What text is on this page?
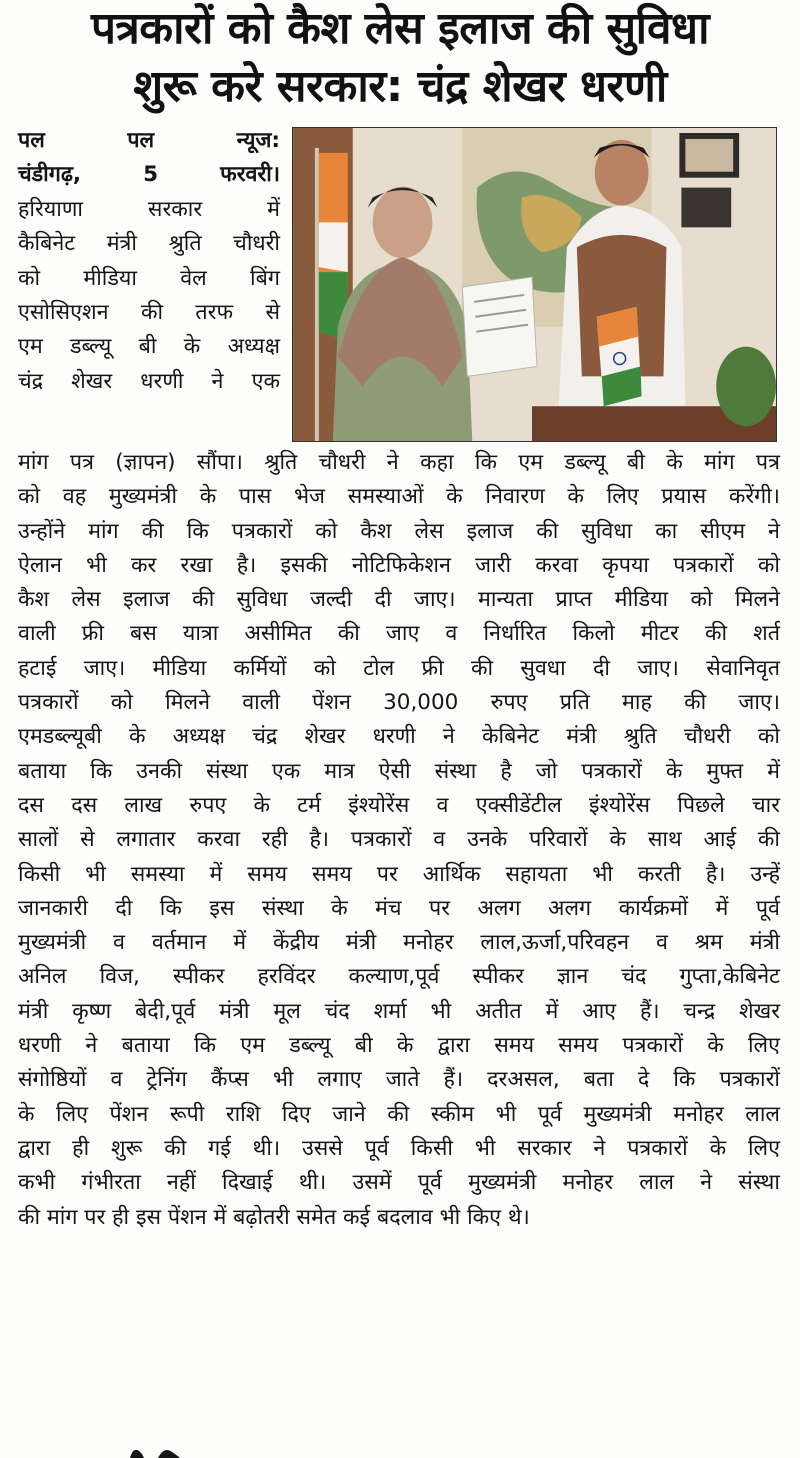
पत्रकारों को कैश लेस इलाज की सुविधा
शुरू करे सरकार: चंद्र शेखर धरणी
पल पल न्यूज:
चंडीगढ़, 5 फरवरी।
हरियाणा सरकार में
कैबिनेट मंत्री श्रुति चौधरी
को मीडिया वेल बिंग
एसोसिएशन की तरफ से
एम डब्ल्यू बी के अध्यक्ष
चंद्र शेखर धरणी ने एक
मांग पत्र (ज्ञापन) सौंपा। श्रुति चौधरी ने कहा कि एम डब्ल्यू बी के मांग पत्र
को वह मुख्यमंत्री के पास भेज समस्याओं के निवारण के लिए प्रयास करेंगी।
उन्होंने मांग की कि पत्रकारों को कैश लेस इलाज की सुविधा का सीएम ने
ऐलान भी कर रखा है। इसकी नोटिफिकेशन जारी करवा कृपया पत्रकारों को
कैश लेस इलाज की सुविधा जल्दी दी जाए। मान्यता प्राप्त मीडिया को मिलने
वाली फ्री बस यात्रा असीमित की जाए व निर्धारित किलो मीटर की शर्त
हटाई जाए। मीडिया कर्मियों को टोल फ्री की सुवधा दी जाए। सेवानिवृत
पत्रकारों को मिलने वाली पेंशन 30,000 रुपए प्रति माह की जाए।
एमडब्ल्यूबी के अध्यक्ष चंद्र शेखर धरणी ने केबिनेट मंत्री श्रुति चौधरी को
बताया कि उनकी संस्था एक मात्र ऐसी संस्था है जो पत्रकारों के मुफ्त में
दस दस लाख रुपए के टर्म इंश्योरेंस व एक्सीडेंटील इंश्योरेंस पिछले चार
सालों से लगातार करवा रही है। पत्रकारों व उनके परिवारों के साथ आई की
किसी भी समस्या में समय समय पर आर्थिक सहायता भी करती है। उन्हें
जानकारी दी कि इस संस्था के मंच पर अलग अलग कार्यक्रमों में पूर्व
मुख्यमंत्री व वर्तमान में केंद्रीय मंत्री मनोहर लाल,ऊर्जा,परिवहन व श्रम मंत्री
अनिल विज, स्पीकर हरविंदर कल्याण,पूर्व स्पीकर ज्ञान चंद गुप्ता,केबिनेट
मंत्री कृष्ण बेदी,पूर्व मंत्री मूल चंद शर्मा भी अतीत में आए हैं। चन्द्र शेखर
धरणी ने बताया कि एम डब्ल्यू बी के द्वारा समय समय पत्रकारों के लिए
संगोष्ठियों व ट्रेनिंग कैंप्स भी लगाए जाते हैं। दरअसल, बता दे कि पत्रकारों
के लिए पेंशन रूपी राशि दिए जाने की स्कीम भी पूर्व मुख्यमंत्री मनोहर लाल
द्वारा ही शुरू की गई थी। उससे पूर्व किसी भी सरकार ने पत्रकारों के लिए
कभी गंभीरता नहीं दिखाई थी। उसमें पूर्व मुख्यमंत्री मनोहर लाल ने संस्था
की मांग पर ही इस पेंशन में बढ़ोतरी समेत कई बदलाव भी किए थे।
